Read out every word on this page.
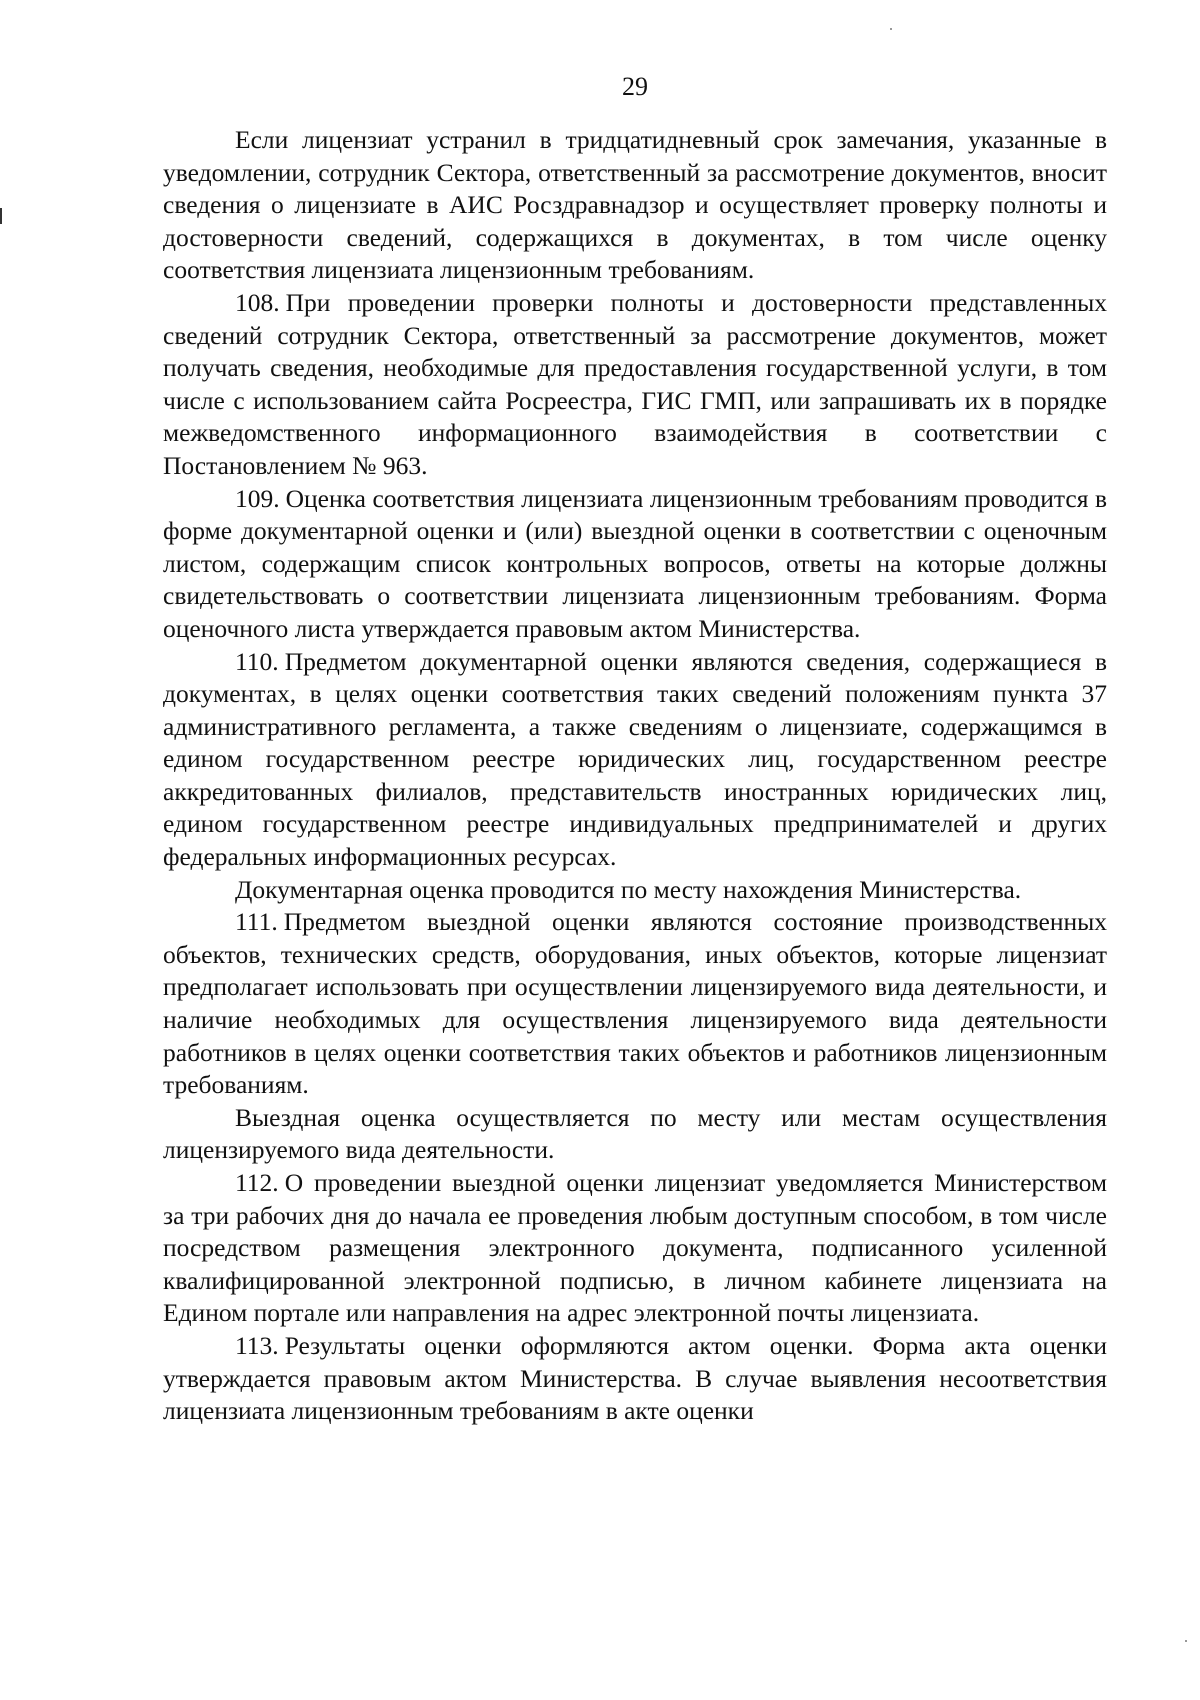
29

Если лицензиат устранил в тридцатидневный срок замечания, указанные в уведомлении, сотрудник Сектора, ответственный за рассмотрение документов, вносит сведения о лицензиате в АИС Росздравнадзор и осуществляет проверку полноты и достоверности сведений, содержащихся в документах, в том числе оценку соответствия лицензиата лицензионным требованиям.

108. При проведении проверки полноты и достоверности представленных сведений сотрудник Сектора, ответственный за рассмотрение документов, может получать сведения, необходимые для предоставления государственной услуги, в том числе с использованием сайта Росреестра, ГИС ГМП, или запрашивать их в порядке межведомственного информационного взаимодействия в соответствии с Постановлением № 963.

109. Оценка соответствия лицензиата лицензионным требованиям проводится в форме документарной оценки и (или) выездной оценки в соответствии с оценочным листом, содержащим список контрольных вопросов, ответы на которые должны свидетельствовать о соответствии лицензиата лицензионным требованиям. Форма оценочного листа утверждается правовым актом Министерства.

110. Предметом документарной оценки являются сведения, содержащиеся в документах, в целях оценки соответствия таких сведений положениям пункта 37 административного регламента, а также сведениям о лицензиате, содержащимся в едином государственном реестре юридических лиц, государственном реестре аккредитованных филиалов, представительств иностранных юридических лиц, едином государственном реестре индивидуальных предпринимателей и других федеральных информационных ресурсах.

Документарная оценка проводится по месту нахождения Министерства.

111. Предметом выездной оценки являются состояние производственных объектов, технических средств, оборудования, иных объектов, которые лицензиат предполагает использовать при осуществлении лицензируемого вида деятельности, и наличие необходимых для осуществления лицензируемого вида деятельности работников в целях оценки соответствия таких объектов и работников лицензионным требованиям.

Выездная оценка осуществляется по месту или местам осуществления лицензируемого вида деятельности.

112. О проведении выездной оценки лицензиат уведомляется Министерством за три рабочих дня до начала ее проведения любым доступным способом, в том числе посредством размещения электронного документа, подписанного усиленной квалифицированной электронной подписью, в личном кабинете лицензиата на Едином портале или направления на адрес электронной почты лицензиата.

113. Результаты оценки оформляются актом оценки. Форма акта оценки утверждается правовым актом Министерства. В случае выявления несоответствия лицензиата лицензионным требованиям в акте оценки
